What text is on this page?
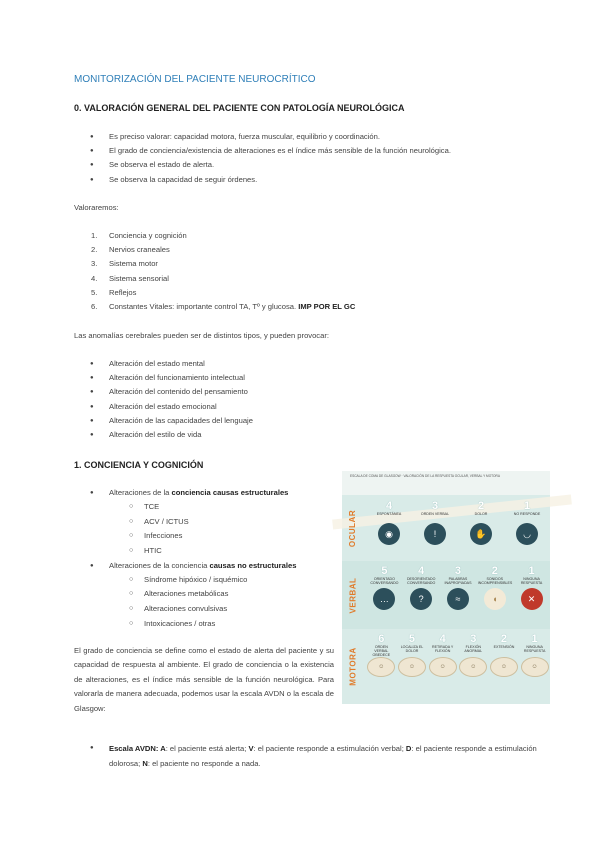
MONITORIZACIÓN DEL PACIENTE NEUROCRÍTICO
0. VALORACIÓN GENERAL DEL PACIENTE CON PATOLOGÍA NEUROLÓGICA
● Es preciso valorar: capacidad motora, fuerza muscular, equilibrio y coordinación.
● El grado de conciencia/existencia de alteraciones es el índice más sensible de la función neurológica.
● Se observa el estado de alerta.
● Se observa la capacidad de seguir órdenes.
Valoraremos:
1. Conciencia y cognición
2. Nervios craneales
3. Sistema motor
4. Sistema sensorial
5. Reflejos
6. Constantes Vitales: importante control TA, Tº y glucosa. IMP POR EL GC
Las anomalías cerebrales pueden ser de distintos tipos, y pueden provocar:
● Alteración del estado mental
● Alteración del funcionamiento intelectual
● Alteración del contenido del pensamiento
● Alteración del estado emocional
● Alteración de las capacidades del lenguaje
● Alteración del estilo de vida
1. CONCIENCIA Y COGNICIÓN
● Alteraciones de la conciencia causas estructurales
○ TCE
○ ACV / ICTUS
○ Infecciones
○ HTIC
● Alteraciones de la conciencia causas no estructurales
○ Síndrome hipóxico / isquémico
○ Alteraciones metabólicas
○ Alteraciones convulsivas
○ Intoxicaciones / otras
El grado de conciencia se define como el estado de alerta del paciente y su capacidad de respuesta al ambiente. El grado de conciencia o la existencia de alteraciones, es el índice más sensible de la función neurológica. Para valorarla de manera adecuada, podemos usar la escala AVDN o la escala de Glasgow:
● Escala AVDN: A: el paciente está alerta; V: el paciente responde a estimulación verbal; D: el paciente responde a estimulación dolorosa; N: el paciente no responde a nada.
ESCALA DE COMA DE GLASGOW · VALORACIÓN DE LA RESPUESTA OCULAR, VERBAL Y MOTORA
OCULAR
4
ESPONTÁNEA
◉
3
ORDEN VERBAL
!
2
DOLOR
✋
1
NO RESPONDE
◡
VERBAL
5
ORIENTADO CONVERSANDO
…
4
DESORIENTADO CONVERSANDO
?
3
PALABRAS INAPROPIADAS
≈
2
SONIDOS INCOMPRENSIBLES
◖
1
NINGUNA RESPUESTA
✕
MOTORA
6
ORDEN VERBAL OBEDECE
☺
5
LOCALIZA EL DOLOR
☺
4
RETIRADA Y FLEXIÓN
☺
3
FLEXIÓN ANORMAL
☺
2
EXTENSIÓN
☺
1
NINGUNA RESPUESTA
☺
